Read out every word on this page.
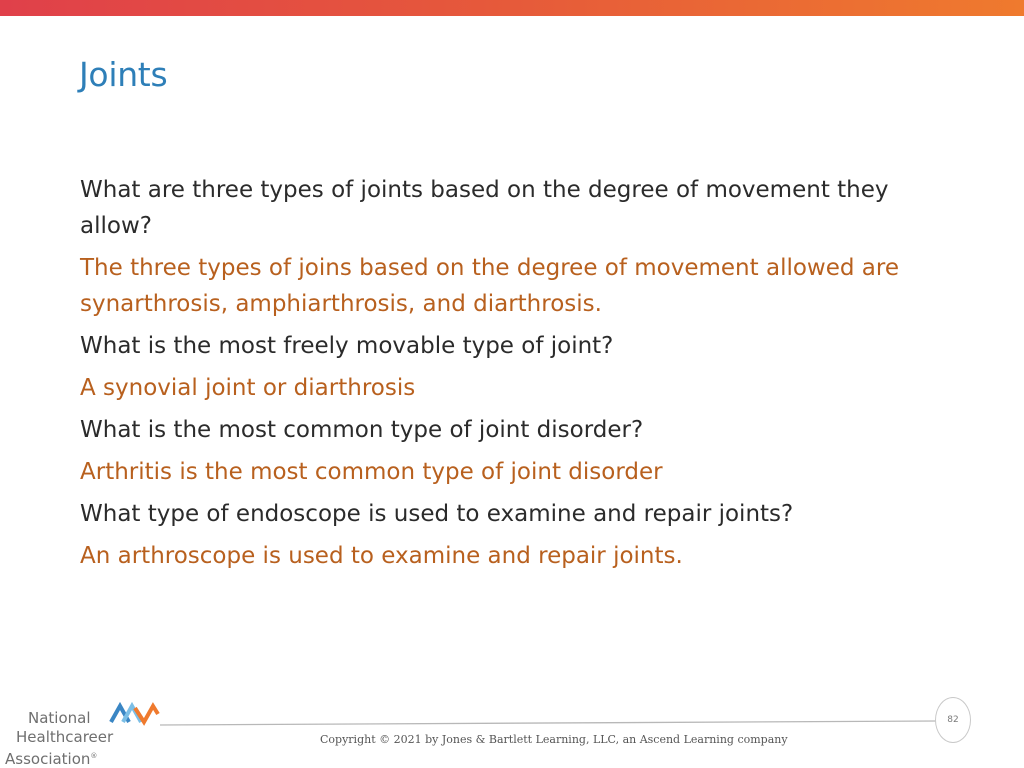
Joints

What are three types of joints based on the degree of movement they allow?

The three types of joins based on the degree of movement allowed are synarthrosis, amphiarthrosis, and diarthrosis.

What is the most freely movable type of joint?

A synovial joint or diarthrosis

What is the most common type of joint disorder?

Arthritis is the most common type of joint disorder

What type of endoscope is used to examine and repair joints?

An arthroscope is used to examine and repair joints.

National
Healthcareer
Association®
82
Copyright © 2021 by Jones & Bartlett Learning, LLC, an Ascend Learning company
